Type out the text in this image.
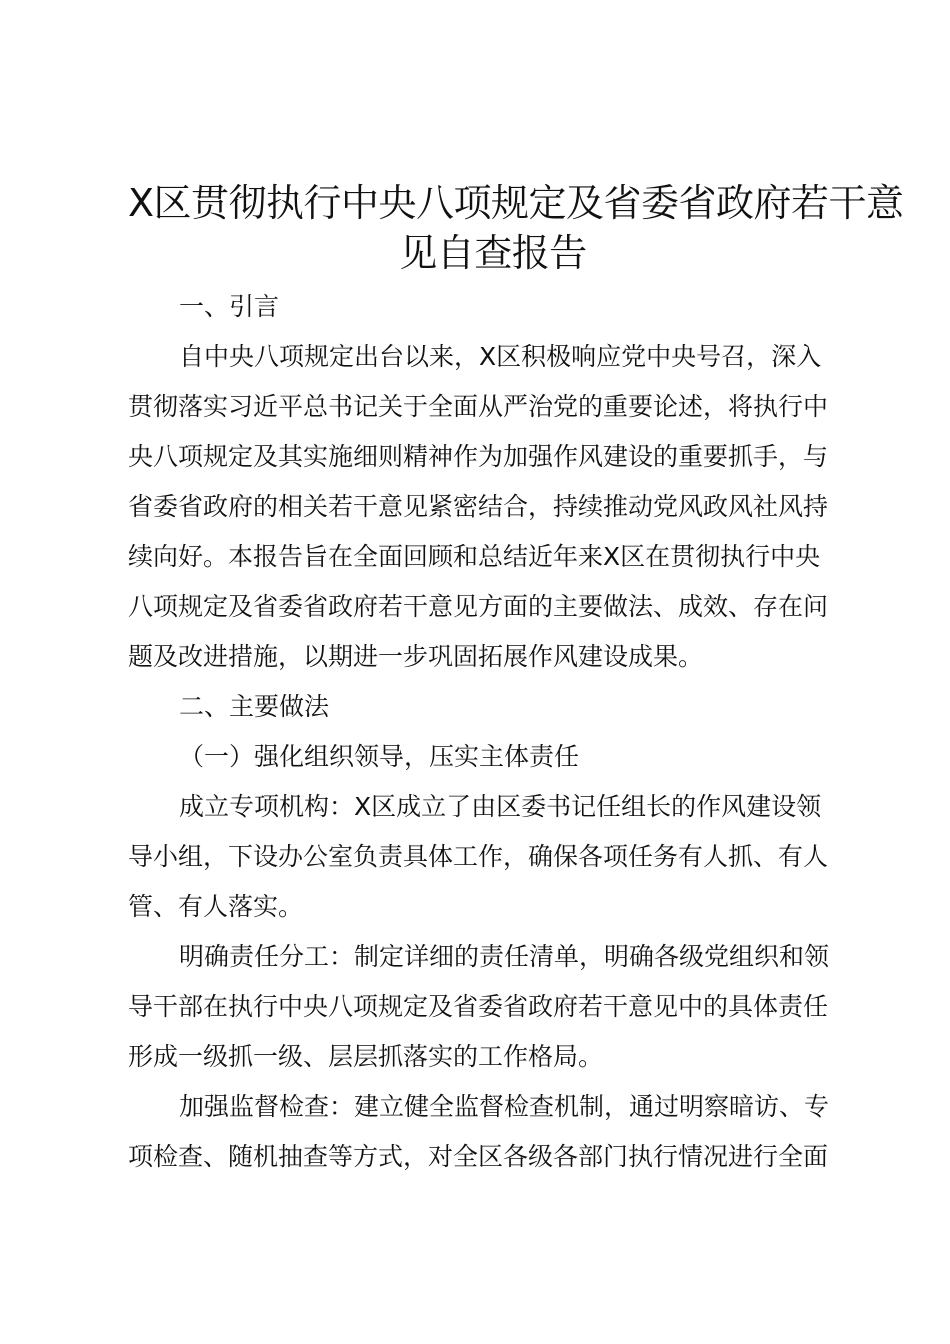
X区贯彻执行中央八项规定及省委省政府若干意
见自查报告

一、引言

自中央八项规定出台以来，X区积极响应党中央号召，深入
贯彻落实习近平总书记关于全面从严治党的重要论述，将执行中
央八项规定及其实施细则精神作为加强作风建设的重要抓手，与
省委省政府的相关若干意见紧密结合，持续推动党风政风社风持
续向好。本报告旨在全面回顾和总结近年来X区在贯彻执行中央
八项规定及省委省政府若干意见方面的主要做法、成效、存在问
题及改进措施，以期进一步巩固拓展作风建设成果。

二、主要做法

（一）强化组织领导，压实主体责任

成立专项机构：X区成立了由区委书记任组长的作风建设领
导小组，下设办公室负责具体工作，确保各项任务有人抓、有人
管、有人落实。
明确责任分工：制定详细的责任清单，明确各级党组织和领
导干部在执行中央八项规定及省委省政府若干意见中的具体责任
形成一级抓一级、层层抓落实的工作格局。
加强监督检查：建立健全监督检查机制，通过明察暗访、专
项检查、随机抽查等方式，对全区各级各部门执行情况进行全面
